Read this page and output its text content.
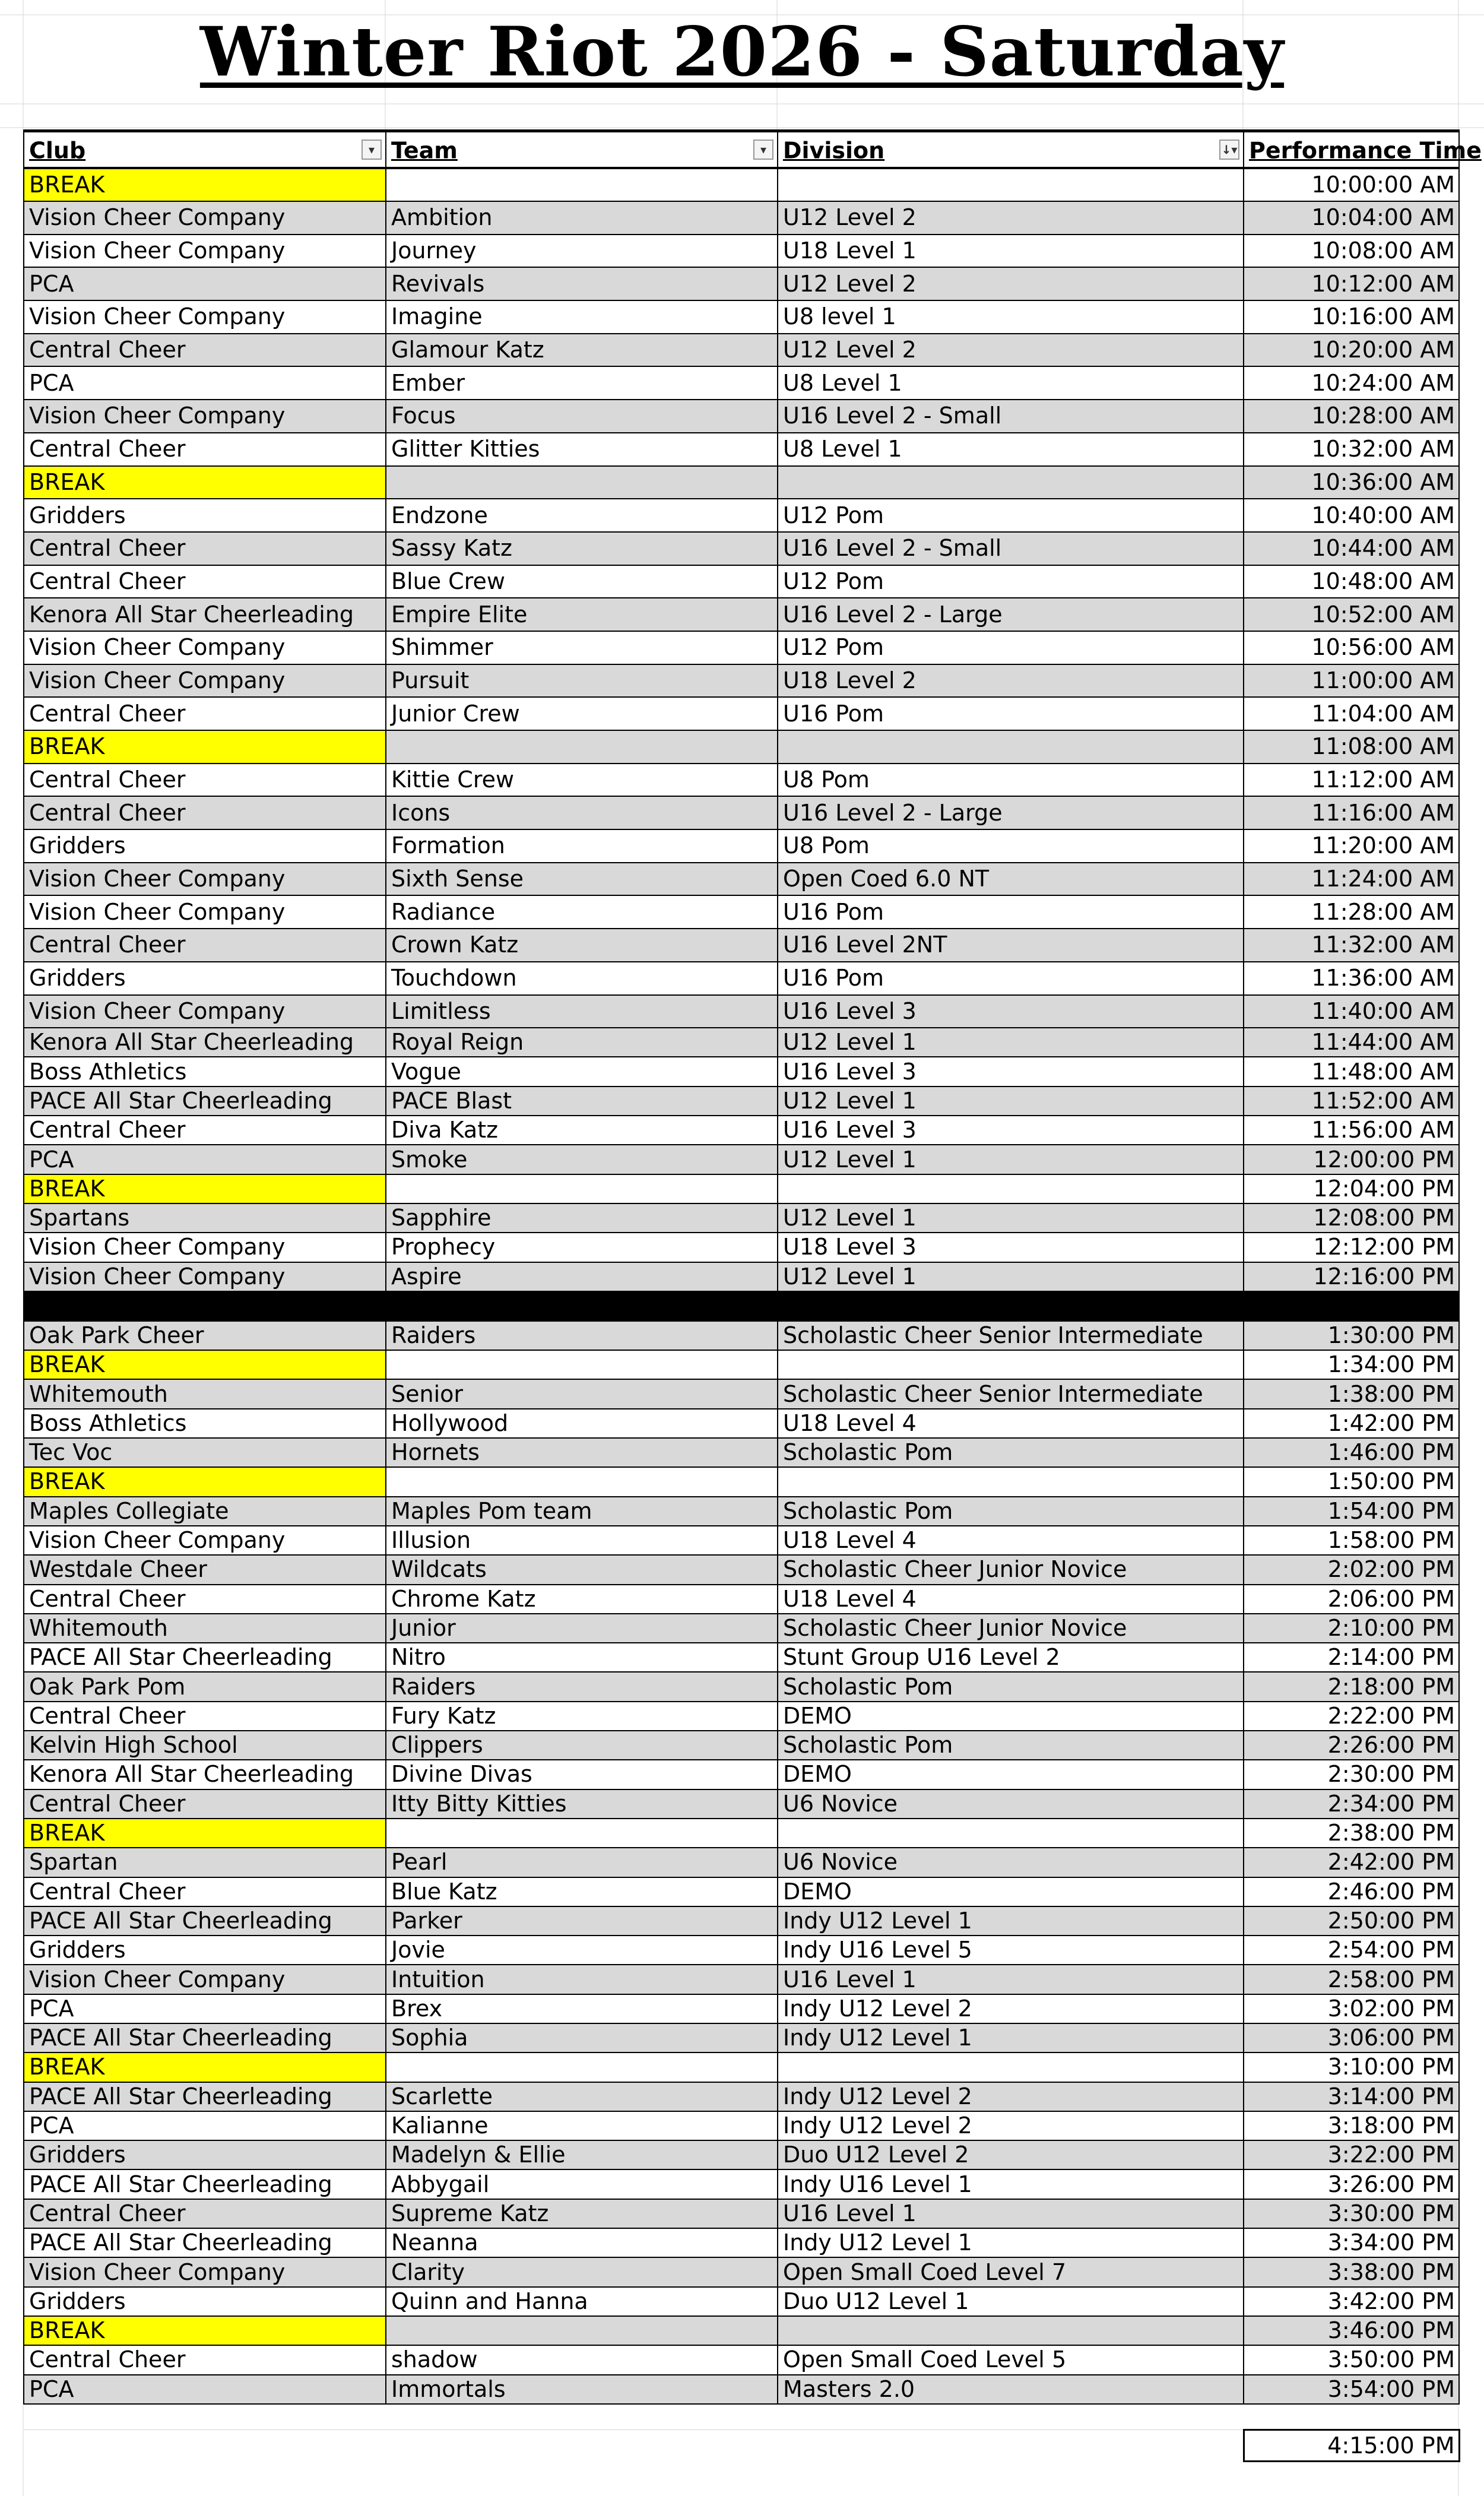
Winter Riot 2026 - Saturday
Club ▾	Team ▾	Division ↓▾	Performance Time
BREAK			10:00:00 AM
Vision Cheer Company	Ambition	U12 Level 2	10:04:00 AM
Vision Cheer Company	Journey	U18 Level 1	10:08:00 AM
PCA	Revivals	U12 Level 2	10:12:00 AM
Vision Cheer Company	Imagine	U8 level 1	10:16:00 AM
Central Cheer	Glamour Katz	U12 Level 2	10:20:00 AM
PCA	Ember	U8 Level 1	10:24:00 AM
Vision Cheer Company	Focus	U16 Level 2 - Small	10:28:00 AM
Central Cheer	Glitter Kitties	U8 Level 1	10:32:00 AM
BREAK			10:36:00 AM
Gridders	Endzone	U12 Pom	10:40:00 AM
Central Cheer	Sassy Katz	U16 Level 2 - Small	10:44:00 AM
Central Cheer	Blue Crew	U12 Pom	10:48:00 AM
Kenora All Star Cheerleading	Empire Elite	U16 Level 2 - Large	10:52:00 AM
Vision Cheer Company	Shimmer	U12 Pom	10:56:00 AM
Vision Cheer Company	Pursuit	U18 Level 2	11:00:00 AM
Central Cheer	Junior Crew	U16 Pom	11:04:00 AM
BREAK			11:08:00 AM
Central Cheer	Kittie Crew	U8 Pom	11:12:00 AM
Central Cheer	Icons	U16 Level 2 - Large	11:16:00 AM
Gridders	Formation	U8 Pom	11:20:00 AM
Vision Cheer Company	Sixth Sense	Open Coed 6.0 NT	11:24:00 AM
Vision Cheer Company	Radiance	U16 Pom	11:28:00 AM
Central Cheer	Crown Katz	U16 Level 2NT	11:32:00 AM
Gridders	Touchdown	U16 Pom	11:36:00 AM
Vision Cheer Company	Limitless	U16 Level 3	11:40:00 AM
Kenora All Star Cheerleading	Royal Reign	U12 Level 1	11:44:00 AM
Boss Athletics	Vogue	U16 Level 3	11:48:00 AM
PACE All Star Cheerleading	PACE Blast	U12 Level 1	11:52:00 AM
Central Cheer	Diva Katz	U16 Level 3	11:56:00 AM
PCA	Smoke	U12 Level 1	12:00:00 PM
BREAK			12:04:00 PM
Spartans	Sapphire	U12 Level 1	12:08:00 PM
Vision Cheer Company	Prophecy	U18 Level 3	12:12:00 PM
Vision Cheer Company	Aspire	U12 Level 1	12:16:00 PM

Oak Park Cheer	Raiders	Scholastic Cheer Senior Intermediate	1:30:00 PM
BREAK			1:34:00 PM
Whitemouth	Senior	Scholastic Cheer Senior Intermediate	1:38:00 PM
Boss Athletics	Hollywood	U18 Level 4	1:42:00 PM
Tec Voc	Hornets	Scholastic Pom	1:46:00 PM
BREAK			1:50:00 PM
Maples Collegiate	Maples Pom team	Scholastic Pom	1:54:00 PM
Vision Cheer Company	Illusion	U18 Level 4	1:58:00 PM
Westdale Cheer	Wildcats	Scholastic Cheer Junior Novice	2:02:00 PM
Central Cheer	Chrome Katz	U18 Level 4	2:06:00 PM
Whitemouth	Junior	Scholastic Cheer Junior Novice	2:10:00 PM
PACE All Star Cheerleading	Nitro	Stunt Group U16 Level 2	2:14:00 PM
Oak Park Pom	Raiders	Scholastic Pom	2:18:00 PM
Central Cheer	Fury Katz	DEMO	2:22:00 PM
Kelvin High School	Clippers	Scholastic Pom	2:26:00 PM
Kenora All Star Cheerleading	Divine Divas	DEMO	2:30:00 PM
Central Cheer	Itty Bitty Kitties	U6 Novice	2:34:00 PM
BREAK			2:38:00 PM
Spartan	Pearl	U6 Novice	2:42:00 PM
Central Cheer	Blue Katz	DEMO	2:46:00 PM
PACE All Star Cheerleading	Parker	Indy U12 Level 1	2:50:00 PM
Gridders	Jovie	Indy U16 Level 5	2:54:00 PM
Vision Cheer Company	Intuition	U16 Level 1	2:58:00 PM
PCA	Brex	Indy U12 Level 2	3:02:00 PM
PACE All Star Cheerleading	Sophia	Indy U12 Level 1	3:06:00 PM
BREAK			3:10:00 PM
PACE All Star Cheerleading	Scarlette	Indy U12 Level 2	3:14:00 PM
PCA	Kalianne	Indy U12 Level 2	3:18:00 PM
Gridders	Madelyn & Ellie	Duo U12 Level 2	3:22:00 PM
PACE All Star Cheerleading	Abbygail	Indy U16 Level 1	3:26:00 PM
Central Cheer	Supreme Katz	U16 Level 1	3:30:00 PM
PACE All Star Cheerleading	Neanna	Indy U12 Level 1	3:34:00 PM
Vision Cheer Company	Clarity	Open Small Coed Level 7	3:38:00 PM
Gridders	Quinn and Hanna	Duo U12 Level 1	3:42:00 PM
BREAK			3:46:00 PM
Central Cheer	shadow	Open Small Coed Level 5	3:50:00 PM
PCA	Immortals	Masters 2.0	3:54:00 PM

			4:15:00 PM
